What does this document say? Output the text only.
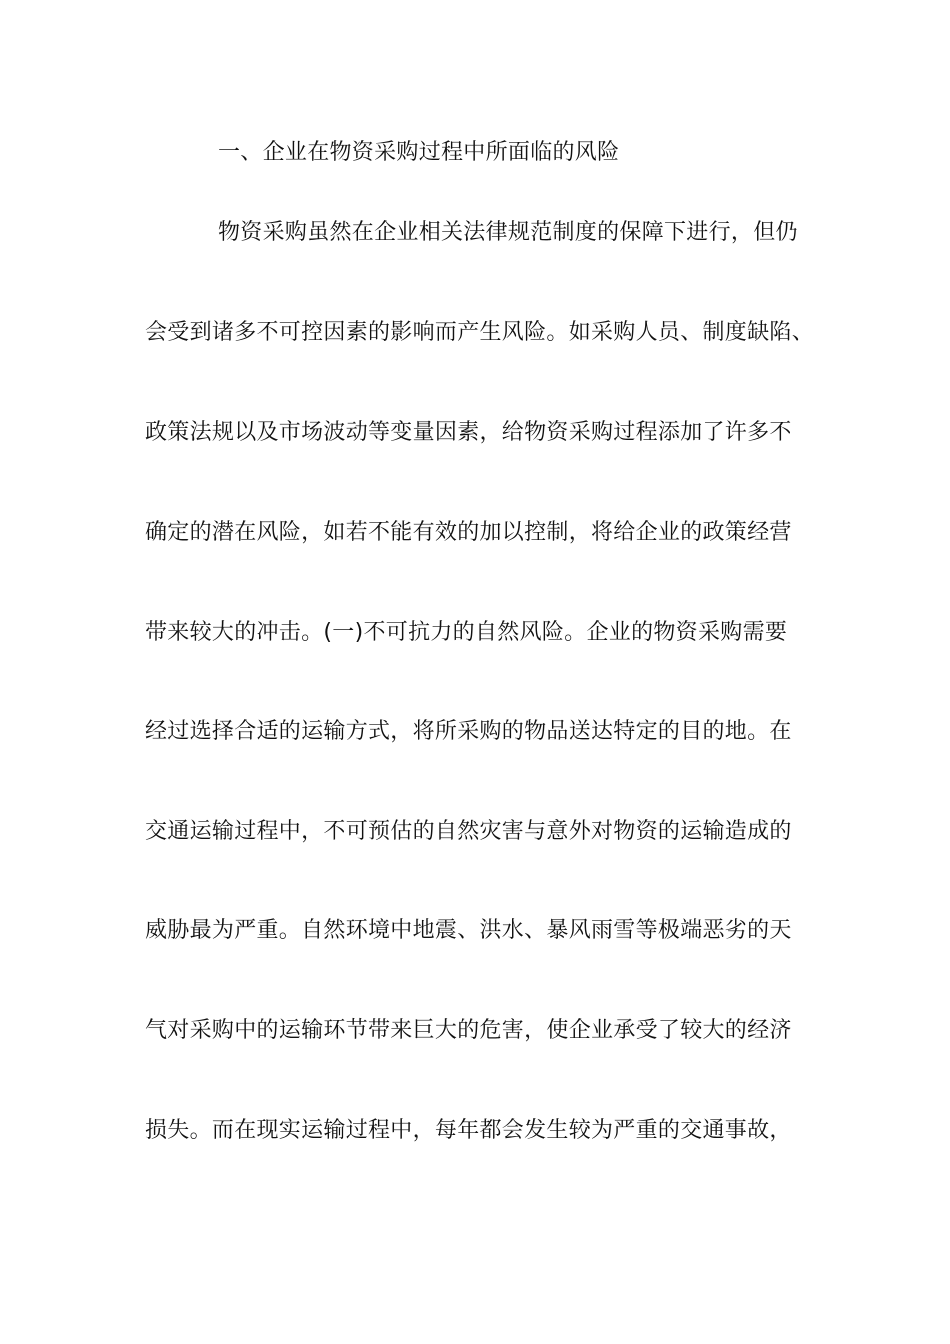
一、企业在物资采购过程中所面临的风险
物资采购虽然在企业相关法律规范制度的保障下进行，但仍
会受到诸多不可控因素的影响而产生风险。如采购人员、制度缺陷、
政策法规以及市场波动等变量因素，给物资采购过程添加了许多不
确定的潜在风险，如若不能有效的加以控制，将给企业的政策经营
带来较大的冲击。(一)不可抗力的自然风险。企业的物资采购需要
经过选择合适的运输方式，将所采购的物品送达特定的目的地。在
交通运输过程中，不可预估的自然灾害与意外对物资的运输造成的
威胁最为严重。自然环境中地震、洪水、暴风雨雪等极端恶劣的天
气对采购中的运输环节带来巨大的危害，使企业承受了较大的经济
损失。而在现实运输过程中，每年都会发生较为严重的交通事故，
